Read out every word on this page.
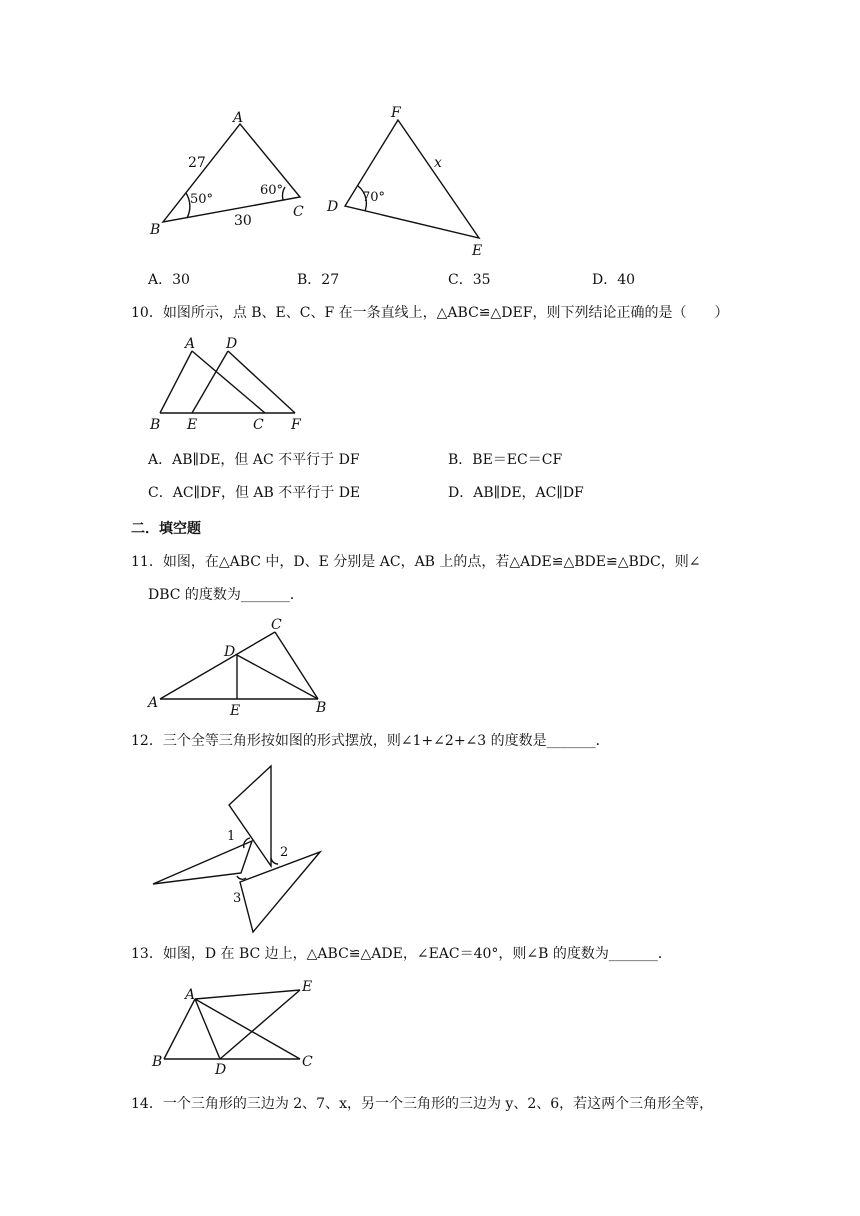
A
B
C
27
30
50°
60°
F
D
E
x
70°
A．30	B．27	C．35	D．40
10．如图所示，点 B、E、C、F 在一条直线上，△ABC≌△DEF，则下列结论正确的是（　　）
A D
B E	C F
A．AB∥DE，但 AC 不平行于 DF	B．BE＝EC＝CF
C．AC∥DF，但 AB 不平行于 DE	D．AB∥DE，AC∥DF
二．填空题
11．如图，在△ABC 中，D、E 分别是 AC，AB 上的点，若△ADE≌△BDE≌△BDC，则∠
DBC 的度数为_______．
A	B
C
D
E
12．三个全等三角形按如图的形式摆放，则∠1+∠2+∠3 的度数是_______．
1
2
3
13．如图，D 在 BC 边上，△ABC≌△ADE，∠EAC＝40°，则∠B 的度数为_______．
A
B	C
D
E
14．一个三角形的三边为 2、7、x，另一个三角形的三边为 y、2、6，若这两个三角形全等，
